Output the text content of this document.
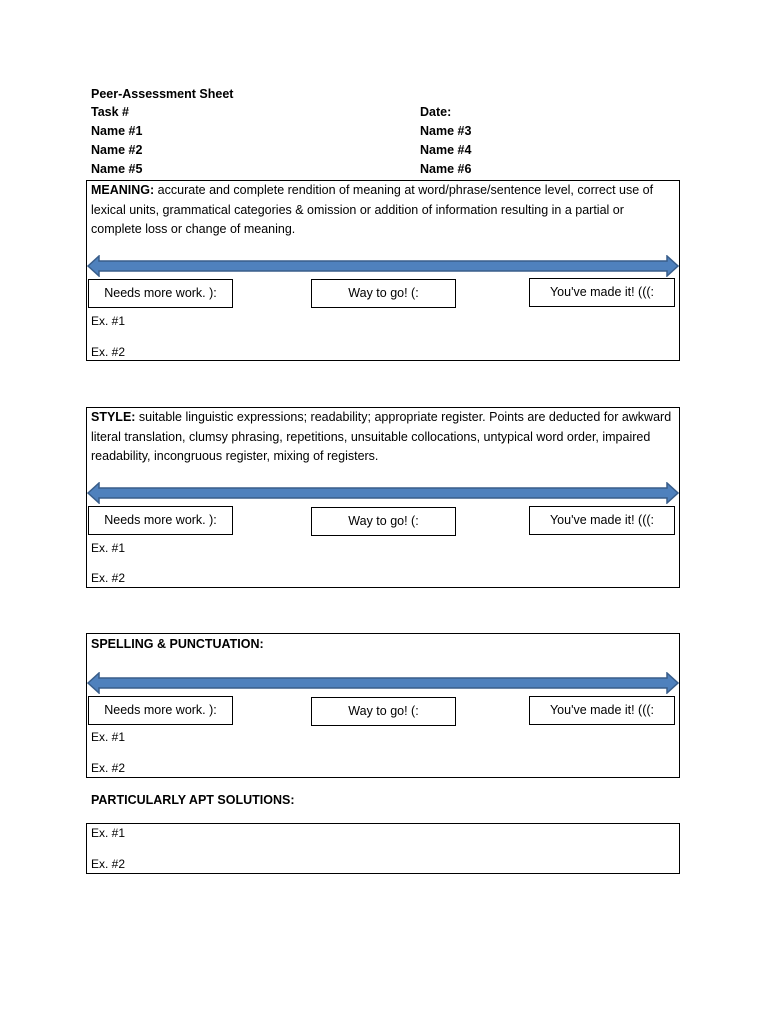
Peer-Assessment Sheet
Task #	Date:
Name #1	Name #3
Name #2	Name #4
Name #5	Name #6
MEANING: accurate and complete rendition of meaning at word/phrase/sentence level, correct use of lexical units, grammatical categories & omission or addition of information resulting in a partial or complete loss or change of meaning.
Needs more work. ):	Way to go! (:	You've made it! (((:
Ex. #1
Ex. #2
STYLE: suitable linguistic expressions; readability; appropriate register. Points are deducted for awkward literal translation, clumsy phrasing, repetitions, unsuitable collocations, untypical word order, impaired readability, incongruous register, mixing of registers.
Needs more work. ):	Way to go! (:	You've made it! (((:
Ex. #1
Ex. #2
SPELLING & PUNCTUATION:
Needs more work. ):	Way to go! (:	You've made it! (((:
Ex. #1
Ex. #2
PARTICULARLY APT SOLUTIONS:
Ex. #1
Ex. #2
